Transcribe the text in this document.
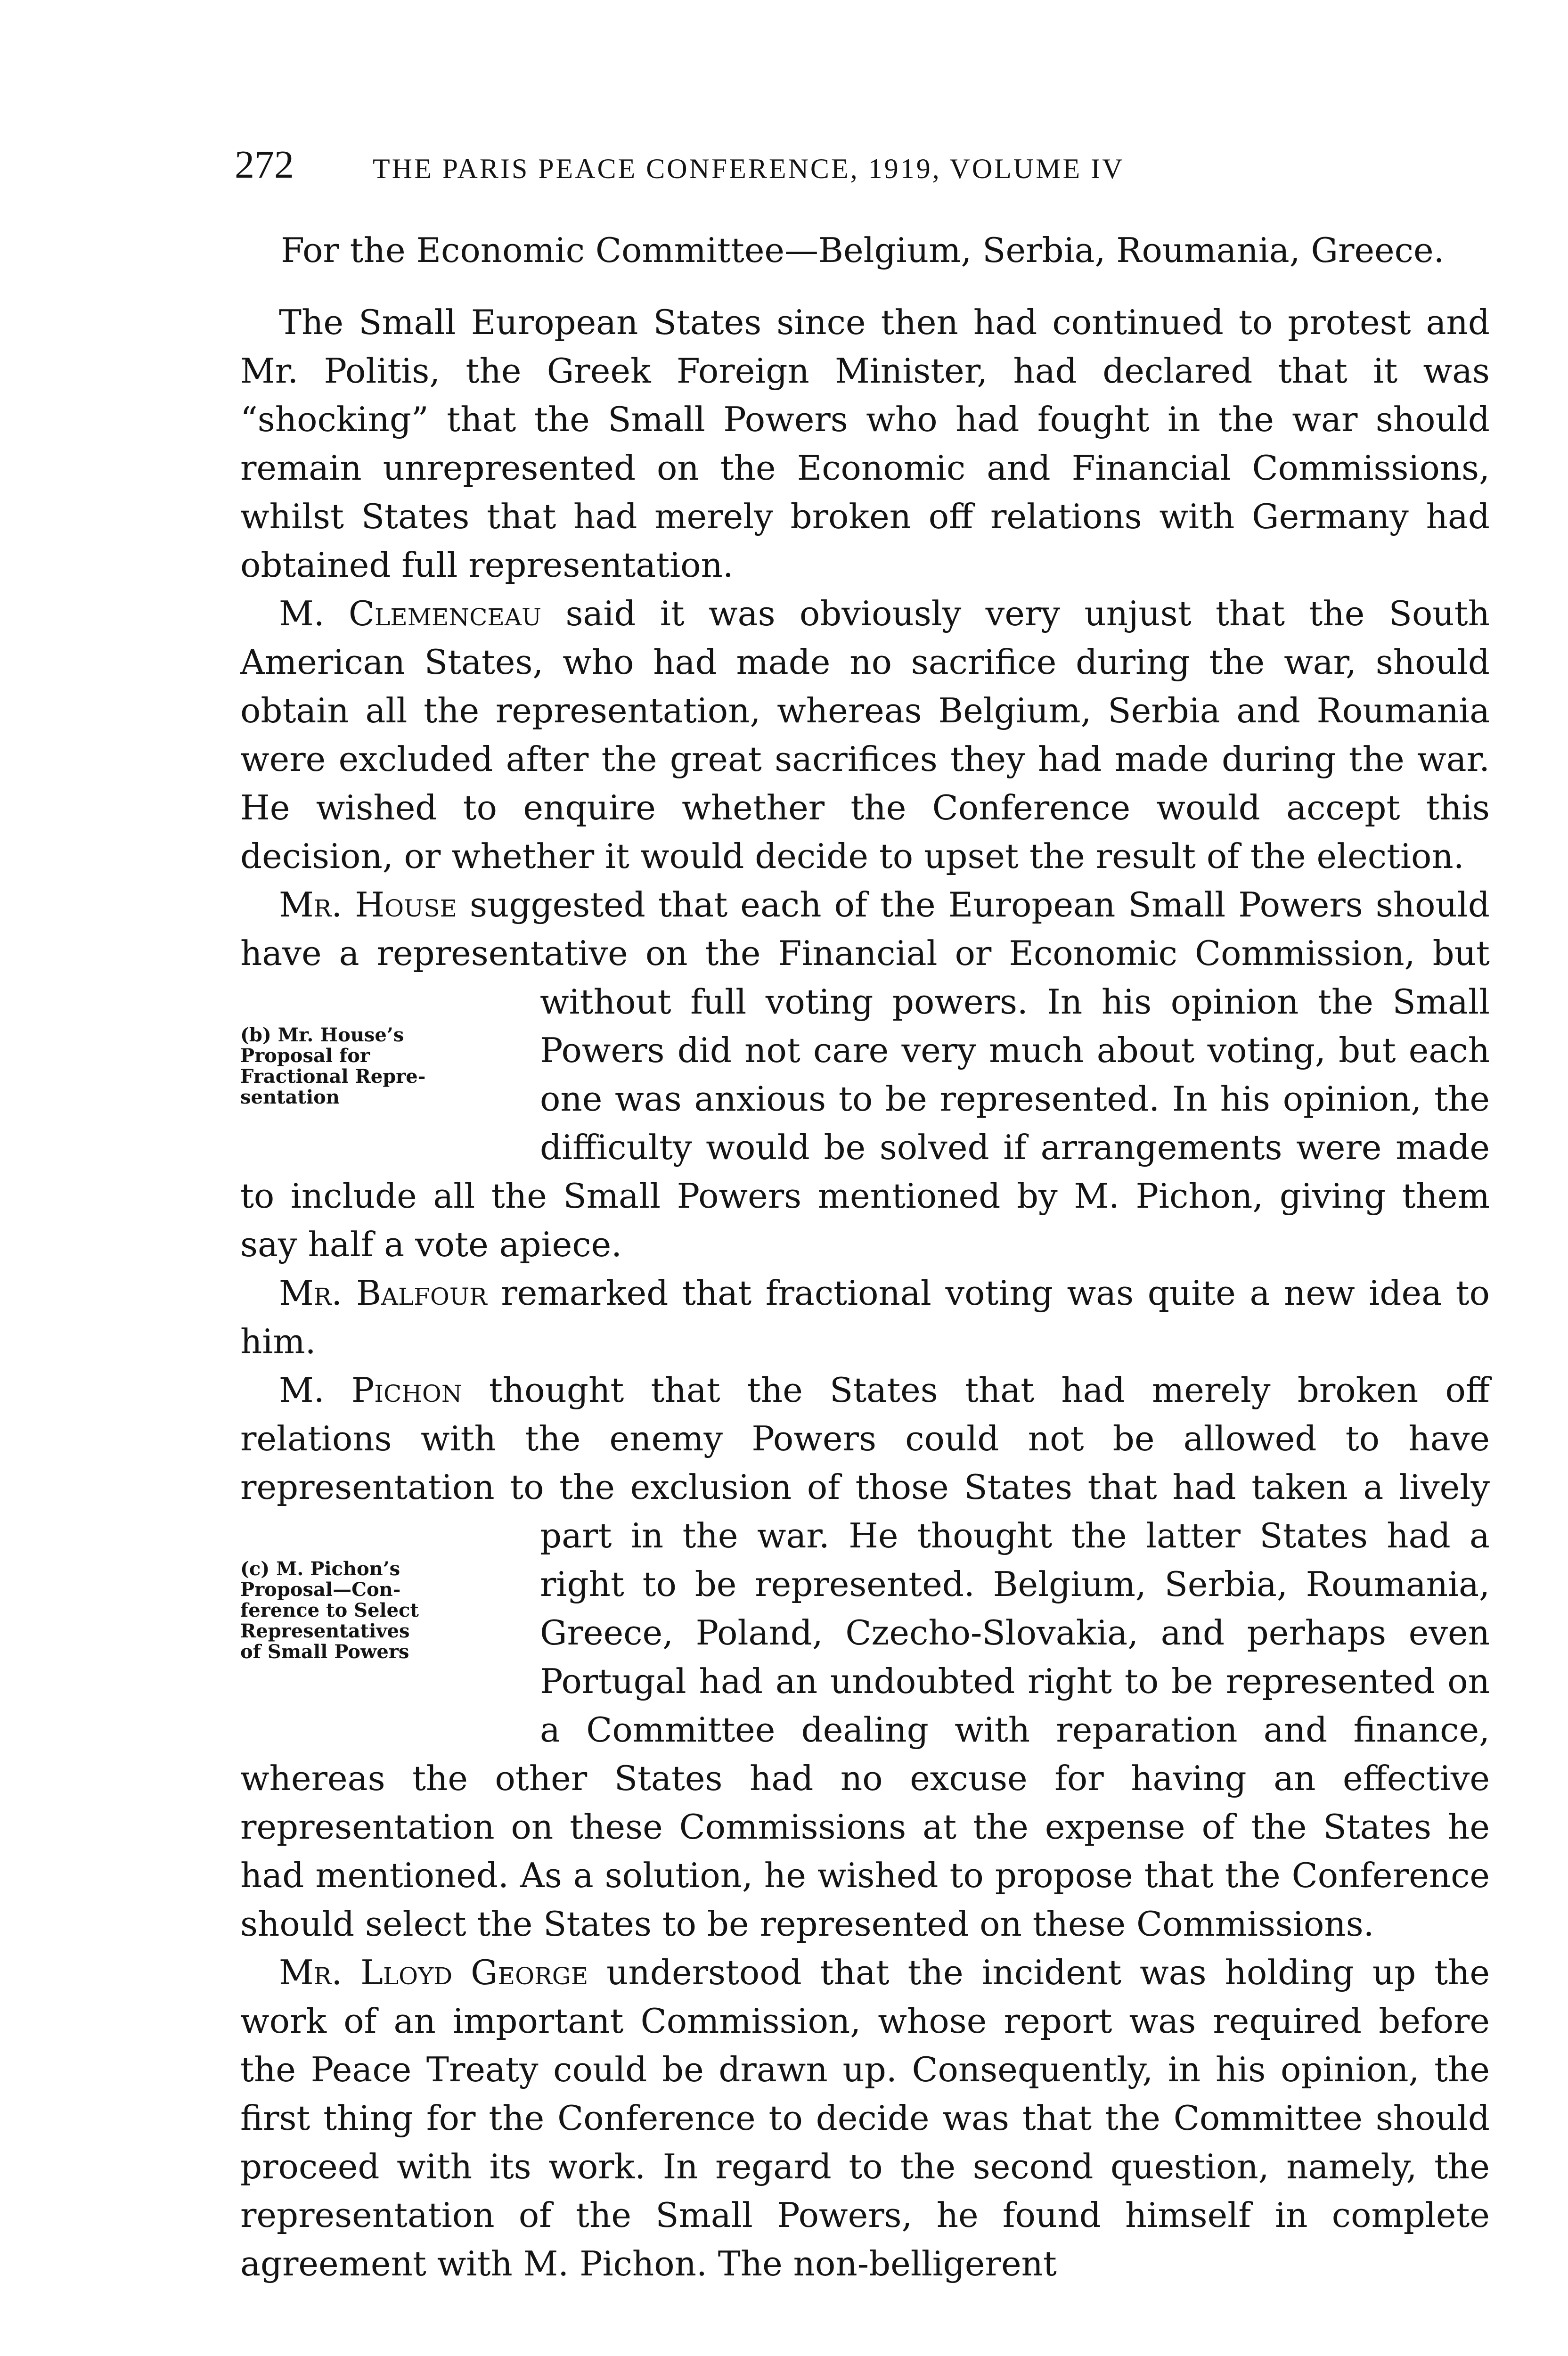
272	THE PARIS PEACE CONFERENCE, 1919, VOLUME IV

For the Economic Committee—Belgium, Serbia, Roumania, Greece.

The Small European States since then had continued to protest and Mr. Politis, the Greek Foreign Minister, had declared that it was “shocking” that the Small Powers who had fought in the war should remain unrepresented on the Economic and Financial Commissions, whilst States that had merely broken off relations with Germany had obtained full representation.

M. Clemenceau said it was obviously very unjust that the South American States, who had made no sacrifice during the war, should obtain all the representation, whereas Belgium, Serbia and Roumania were excluded after the great sacrifices they had made during the war. He wished to enquire whether the Conference would accept this decision, or whether it would decide to upset the result of the election.

Mr. House suggested that each of the European Small Powers should have a representative on the Financial or Economic Commission, but without full voting powers.
(b) Mr. House’s
Proposal for
Fractional Repre-
sentation
In his opinion the Small Powers did not care very much about voting, but each one was anxious to be represented. In his opinion, the difficulty would be solved if arrangements were made to include all the Small Powers mentioned by M. Pichon, giving them say half a vote apiece.

Mr. Balfour remarked that fractional voting was quite a new idea to him.

M. Pichon thought that the States that had merely broken off relations with the enemy Powers could not be allowed to have representation to the exclusion of those States that had taken a lively part in the war.
(c) M. Pichon’s
Proposal—Con-
ference to Select
Representatives
of Small Powers
He thought the latter States had a right to be represented. Belgium, Serbia, Roumania, Greece, Poland, Czecho-Slovakia, and perhaps even Portugal had an undoubted right to be represented on a Committee dealing with reparation and finance, whereas the other States had no excuse for having an effective representation on these Commissions at the expense of the States he had mentioned. As a solution, he wished to propose that the Conference should select the States to be represented on these Commissions.

Mr. Lloyd George understood that the incident was holding up the work of an important Commission, whose report was required before the Peace Treaty could be drawn up. Consequently, in his opinion, the first thing for the Conference to decide was that the Committee should proceed with its work. In regard to the second question, namely, the representation of the Small Powers, he found himself in complete agreement with M. Pichon. The non-belligerent
